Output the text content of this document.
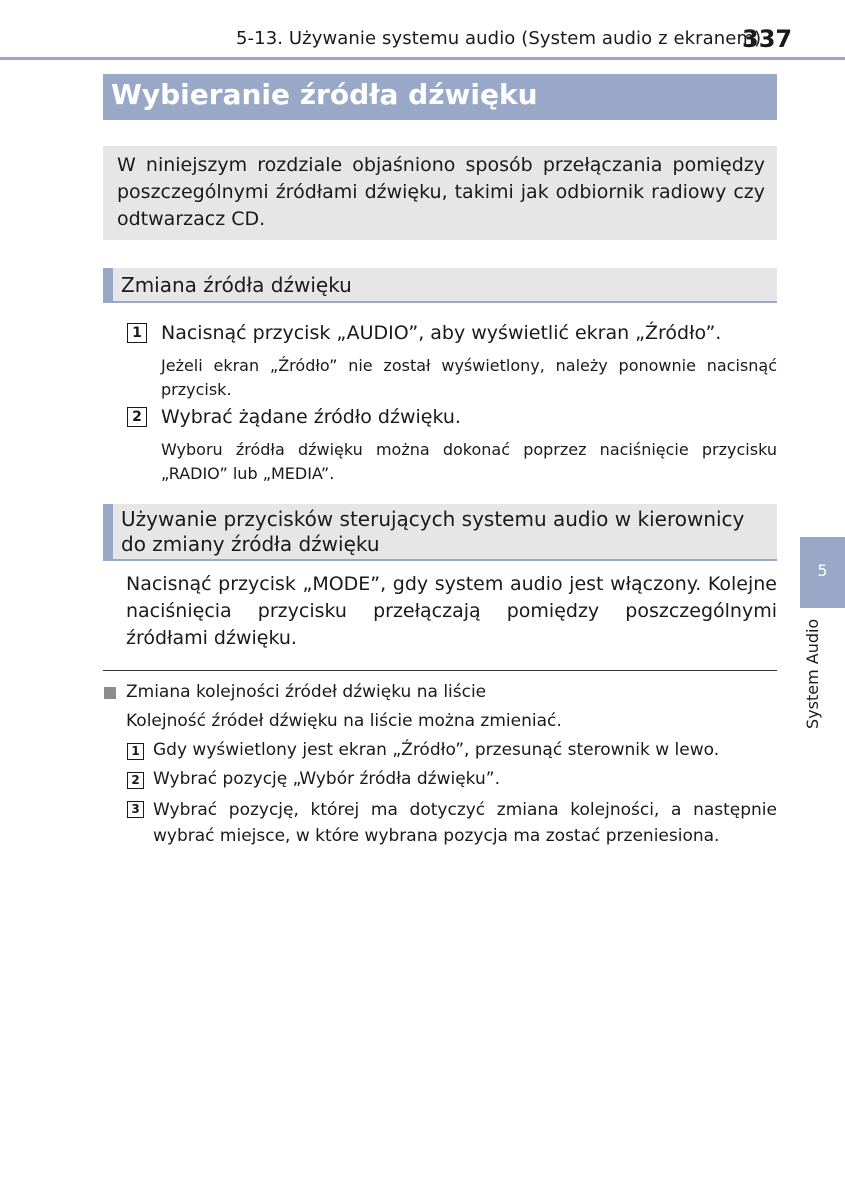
5-13. Używanie systemu audio (System audio z ekranem)
337
Wybieranie źródła dźwięku
W niniejszym rozdziale objaśniono sposób przełączania pomiędzy poszczególnymi źródłami dźwięku, takimi jak odbiornik radiowy czy odtwarzacz CD.
Zmiana źródła dźwięku
1 Nacisnąć przycisk „AUDIO”, aby wyświetlić ekran „Źródło”.
Jeżeli ekran „Źródło” nie został wyświetlony, należy ponownie nacisnąć przycisk.
2 Wybrać żądane źródło dźwięku.
Wyboru źródła dźwięku można dokonać poprzez naciśnięcie przycisku „RADIO” lub „MEDIA”.
Używanie przycisków sterujących systemu audio w kierownicy
do zmiany źródła dźwięku
Nacisnąć przycisk „MODE”, gdy system audio jest włączony. Kolejne naciśnięcia przycisku przełączają pomiędzy poszczególnymi źródłami dźwięku.
Zmiana kolejności źródeł dźwięku na liście
Kolejność źródeł dźwięku na liście można zmieniać.
1 Gdy wyświetlony jest ekran „Źródło”, przesunąć sterownik w lewo.
2 Wybrać pozycję „Wybór źródła dźwięku”.
3 Wybrać pozycję, której ma dotyczyć zmiana kolejności, a następnie wybrać miejsce, w które wybrana pozycja ma zostać przeniesiona.
5
System Audio
